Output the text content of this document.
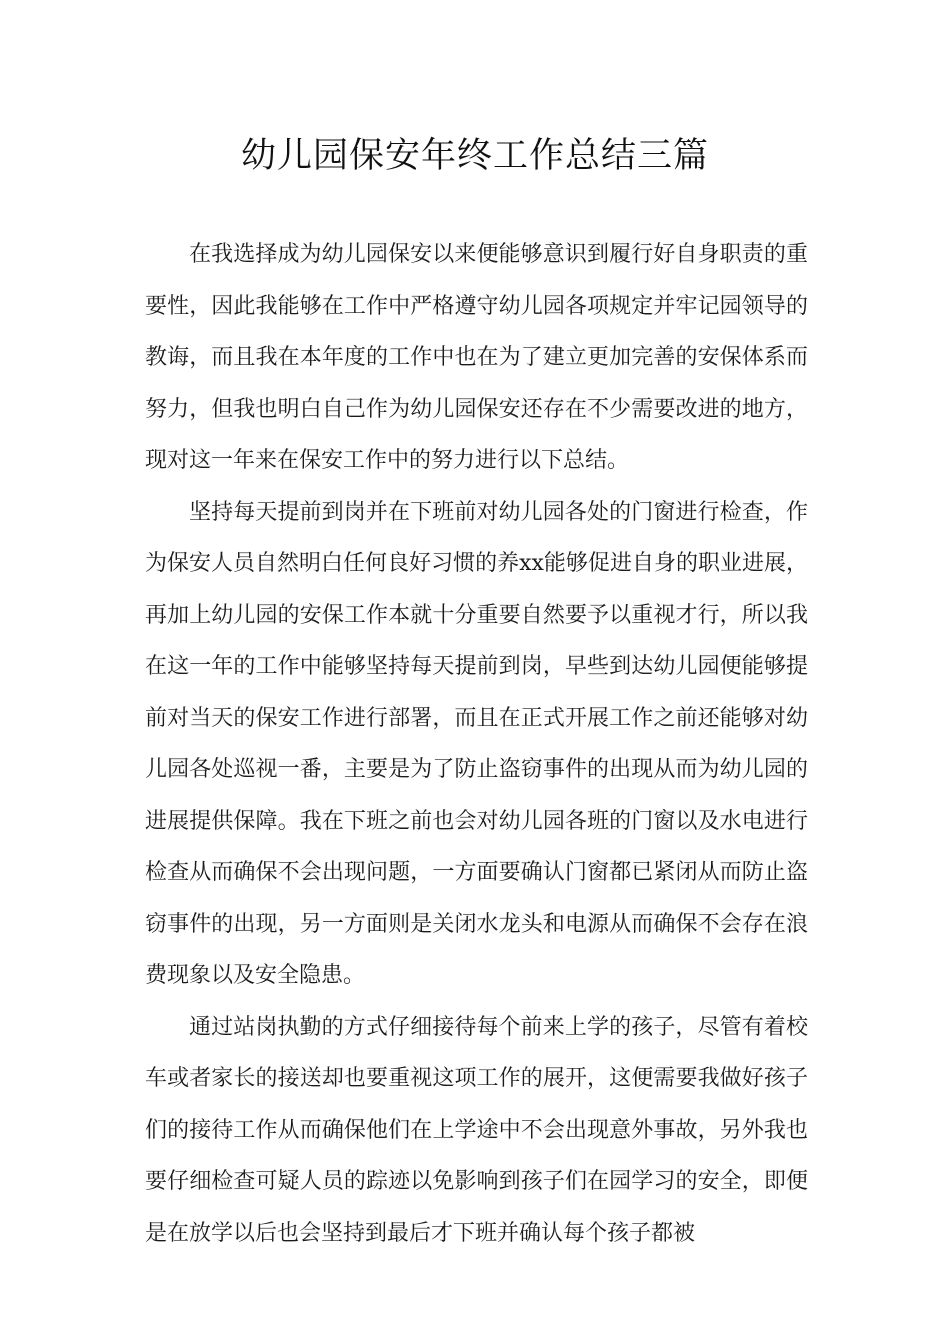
幼儿园保安年终工作总结三篇

在我选择成为幼儿园保安以来便能够意识到履行好自身职责的重要性，因此我能够在工作中严格遵守幼儿园各项规定并牢记园领导的教诲，而且我在本年度的工作中也在为了建立更加完善的安保体系而努力，但我也明白自己作为幼儿园保安还存在不少需要改进的地方，现对这一年来在保安工作中的努力进行以下总结。

坚持每天提前到岗并在下班前对幼儿园各处的门窗进行检查，作为保安人员自然明白任何良好习惯的养xx能够促进自身的职业进展，再加上幼儿园的安保工作本就十分重要自然要予以重视才行，所以我在这一年的工作中能够坚持每天提前到岗，早些到达幼儿园便能够提前对当天的保安工作进行部署，而且在正式开展工作之前还能够对幼儿园各处巡视一番，主要是为了防止盗窃事件的出现从而为幼儿园的进展提供保障。我在下班之前也会对幼儿园各班的门窗以及水电进行检查从而确保不会出现问题，一方面要确认门窗都已紧闭从而防止盗窃事件的出现，另一方面则是关闭水龙头和电源从而确保不会存在浪费现象以及安全隐患。

通过站岗执勤的方式仔细接待每个前来上学的孩子，尽管有着校车或者家长的接送却也要重视这项工作的展开，这便需要我做好孩子们的接待工作从而确保他们在上学途中不会出现意外事故，另外我也要仔细检查可疑人员的踪迹以免影响到孩子们在园学习的安全，即便是在放学以后也会坚持到最后才下班并确认每个孩子都被
